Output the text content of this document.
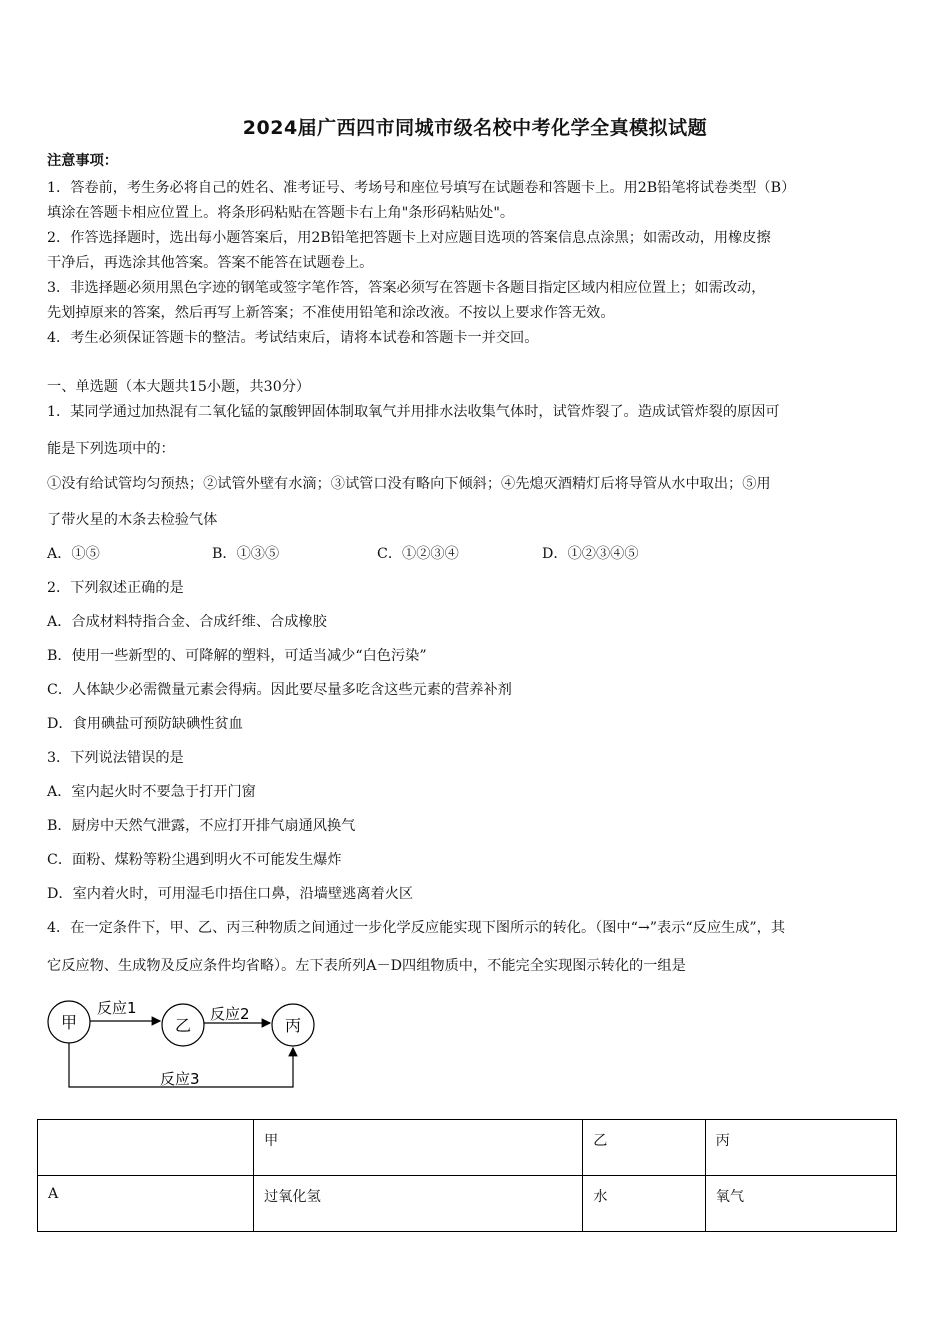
2024届广西四市同城市级名校中考化学全真模拟试题
注意事项：
1．答卷前，考生务必将自己的姓名、准考证号、考场号和座位号填写在试题卷和答题卡上。用2B铅笔将试卷类型（B）
填涂在答题卡相应位置上。将条形码粘贴在答题卡右上角"条形码粘贴处"。
2．作答选择题时，选出每小题答案后，用2B铅笔把答题卡上对应题目选项的答案信息点涂黑；如需改动，用橡皮擦
干净后，再选涂其他答案。答案不能答在试题卷上。
3．非选择题必须用黑色字迹的钢笔或签字笔作答，答案必须写在答题卡各题目指定区域内相应位置上；如需改动，
先划掉原来的答案，然后再写上新答案；不准使用铅笔和涂改液。不按以上要求作答无效。
4．考生必须保证答题卡的整洁。考试结束后，请将本试卷和答题卡一并交回。
一、单选题（本大题共15小题，共30分）
1．某同学通过加热混有二氧化锰的氯酸钾固体制取氧气并用排水法收集气体时，试管炸裂了。造成试管炸裂的原因可
能是下列选项中的：
①没有给试管均匀预热；②试管外壁有水滴；③试管口没有略向下倾斜；④先熄灭酒精灯后将导管从水中取出；⑤用
了带火星的木条去检验气体
A．①⑤	B．①③⑤	C．①②③④	D．①②③④⑤
2．下列叙述正确的是
A．合成材料特指合金、合成纤维、合成橡胶
B．使用一些新型的、可降解的塑料，可适当减少“白色污染”
C．人体缺少必需微量元素会得病。因此要尽量多吃含这些元素的营养补剂
D．食用碘盐可预防缺碘性贫血
3．下列说法错误的是
A．室内起火时不要急于打开门窗
B．厨房中天然气泄露，不应打开排气扇通风换气
C．面粉、煤粉等粉尘遇到明火不可能发生爆炸
D．室内着火时，可用湿毛巾捂住口鼻，沿墙壁逃离着火区
4．在一定条件下，甲、乙、丙三种物质之间通过一步化学反应能实现下图所示的转化。（图中“→”表示“反应生成”，其
它反应物、生成物及反应条件均省略）。左下表所列A－D四组物质中，不能完全实现图示转化的一组是
甲	乙	丙
反应1	反应2
反应3
	甲	乙	丙
A	过氧化氢	水	氧气
